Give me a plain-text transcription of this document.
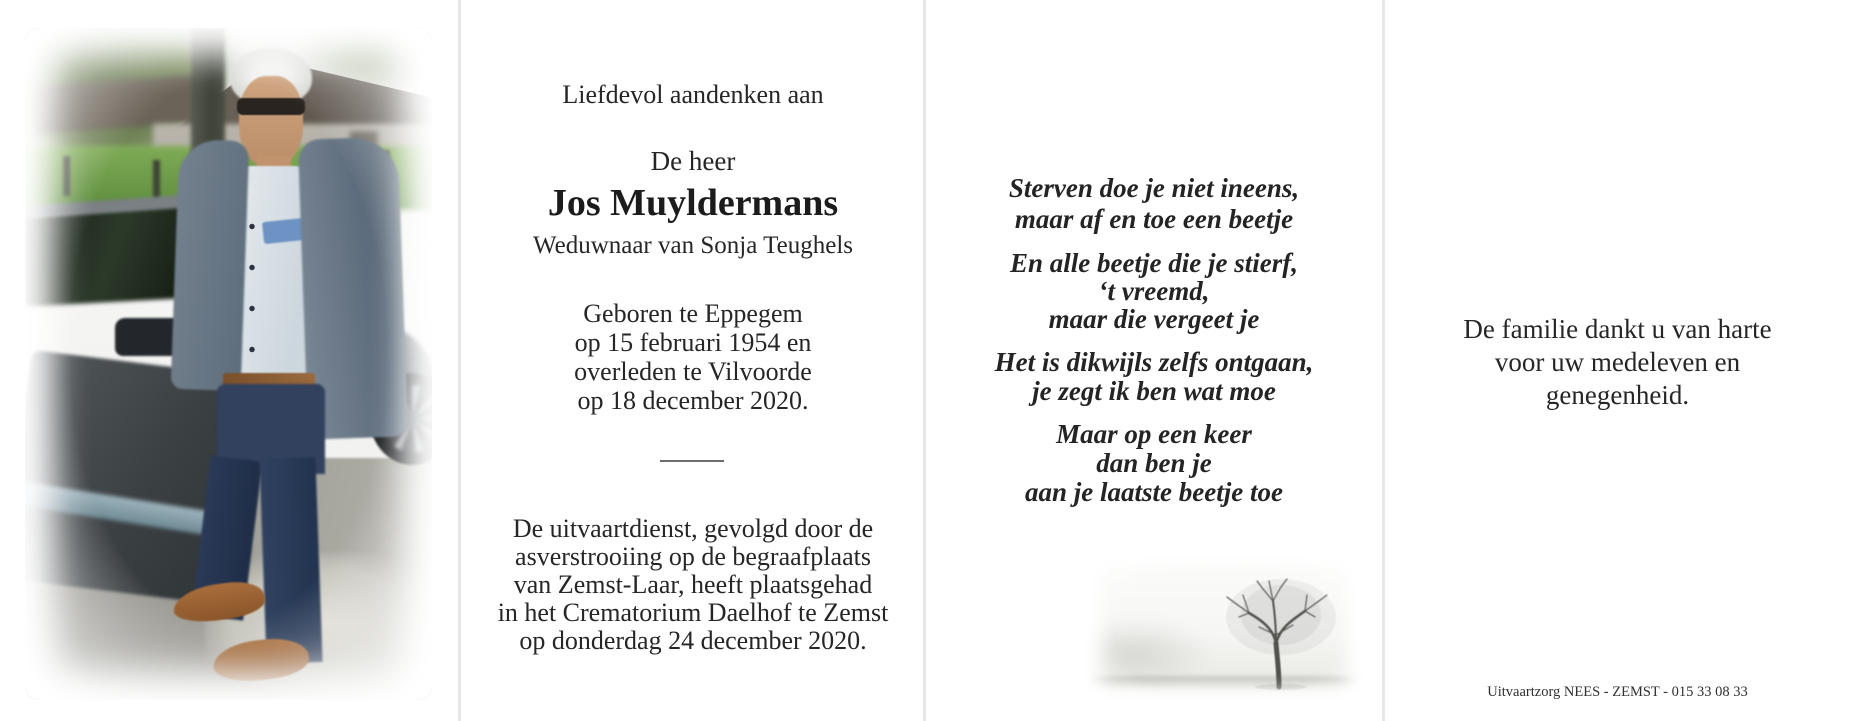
Liefdevol aandenken aan
De heer
Jos Muyldermans
Weduwnaar van Sonja Teughels
Geboren te Eppegem
op 15 februari 1954 en
overleden te Vilvoorde
op 18 december 2020.
De uitvaartdienst, gevolgd door de
asverstrooiing op de begraafplaats
van Zemst-Laar, heeft plaatsgehad
in het Crematorium Daelhof te Zemst
op donderdag 24 december 2020.
Sterven doe je niet ineens,
maar af en toe een beetje
En alle beetje die je stierf,
‘t vreemd,
maar die vergeet je
Het is dikwijls zelfs ontgaan,
je zegt ik ben wat moe
Maar op een keer
dan ben je
aan je laatste beetje toe
De familie dankt u van harte
voor uw medeleven en
genegenheid.
Uitvaartzorg NEES - ZEMST - 015 33 08 33
